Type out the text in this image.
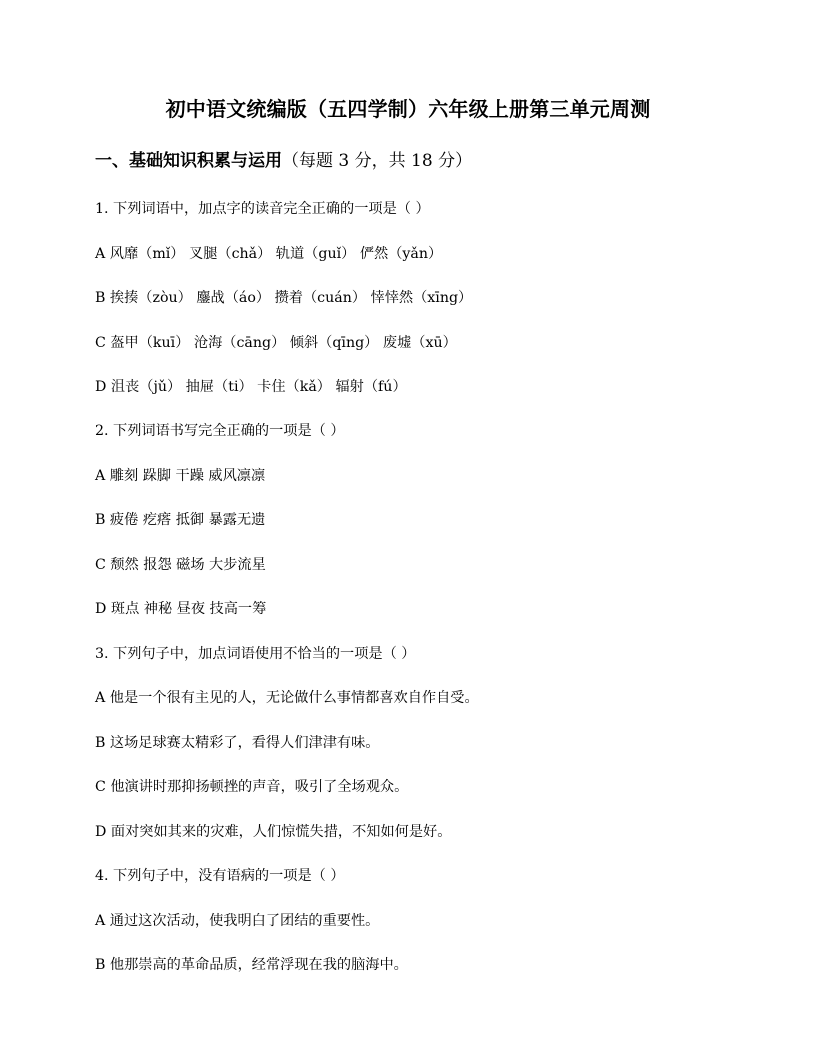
初中语文统编版（五四学制）六年级上册第三单元周测
一、基础知识积累与运用（每题 3 分，共 18 分）
1. 下列词语中，加点字的读音完全正确的一项是（ ）
A 风靡（mǐ） 叉腿（chǎ） 轨道（guǐ） 俨然（yǎn）
B 挨揍（zòu） 鏖战（áo） 攒着（cuán） 悻悻然（xīng）
C 盔甲（kuī） 沧海（cāng） 倾斜（qīng） 废墟（xū）
D 沮丧（jǔ） 抽屉（ti） 卡住（kǎ） 辐射（fú）
2. 下列词语书写完全正确的一项是（ ）
A 雕刻 跺脚 干躁 威风凛凛
B 疲倦 疙瘩 抵御 暴露无遗
C 颓然 报怨 磁场 大步流星
D 斑点 神秘 昼夜 技高一筹
3. 下列句子中，加点词语使用不恰当的一项是（ ）
A 他是一个很有主见的人，无论做什么事情都喜欢自作自受。
B 这场足球赛太精彩了，看得人们津津有味。
C 他演讲时那抑扬顿挫的声音，吸引了全场观众。
D 面对突如其来的灾难，人们惊慌失措，不知如何是好。
4. 下列句子中，没有语病的一项是（ ）
A 通过这次活动，使我明白了团结的重要性。
B 他那崇高的革命品质，经常浮现在我的脑海中。
